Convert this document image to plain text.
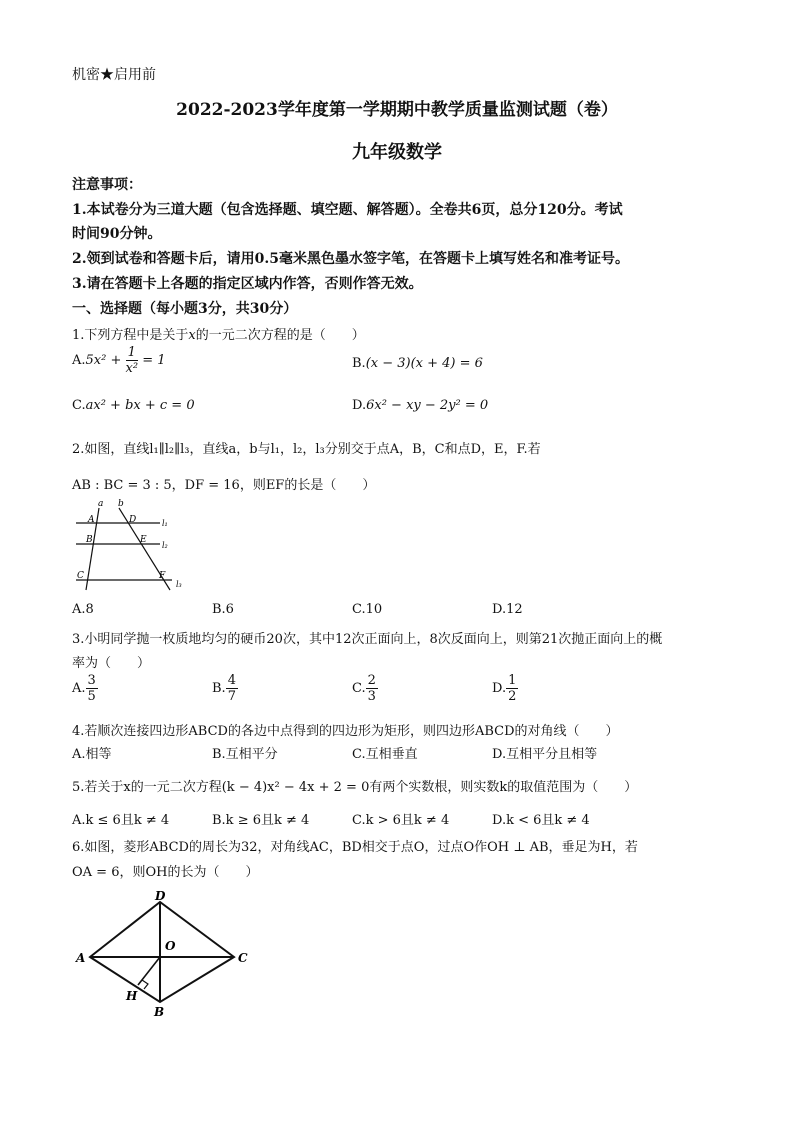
机密★启用前
2022-2023学年度第一学期期中教学质量监测试题（卷）
九年级数学
注意事项：
1.本试卷分为三道大题（包含选择题、填空题、解答题）。全卷共6页，总分120分。考试
时间90分钟。
2.领到试卷和答题卡后，请用0.5毫米黑色墨水签字笔，在答题卡上填写姓名和准考证号。
3.请在答题卡上各题的指定区域内作答，否则作答无效。
一、选择题（每小题3分，共30分）
1.下列方程中是关于x的一元二次方程的是（　　）
$A.5x^2 + \frac{1}{\text{x²}} = 1$	B.(x − 3)(x + 4) = 6
C.ax² + bx + c = 0	D.6x² − xy − 2y² = 0
2.如图，直线l₁∥l₂∥l₃，直线a，b与l₁，l₂，l₃分别交于点A，B，C和点D，E，F.若
AB : BC = 3 : 5，DF = 16，则EF的长是（　　）
a b
A	D	l₁
B	E
l₂
C	F
l₃
A.8	B.6	C.10	D.12
3.小明同学抛一枚质地均匀的硬币20次，其中12次正面向上，8次反面向上，则第21次抛正面向上的概
率为（　　）
A. $\frac{3}{5}$	B. $\frac{4}{7}$	C. $\frac{2}{3}$	D. $\frac{1}{2}$
4.若顺次连接四边形ABCD的各边中点得到的四边形为矩形，则四边形ABCD的对角线（　　）
A.相等	B.互相平分	C.互相垂直	D.互相平分且相等
5.若关于x的一元二次方程(k − 4)x² − 4x + 2 = 0有两个实数根，则实数k的取值范围为（　　）
A.k ≤ 6且k ≠ 4	B.k ≥ 6且k ≠ 4	C.k > 6且k ≠ 4	D.k < 6且k ≠ 4
6.如图，菱形ABCD的周长为32，对角线AC，BD相交于点O，过点O作OH ⊥ AB，垂足为H，若
OA = 6，则OH的长为（　　）
D
A	C
O
B
H
